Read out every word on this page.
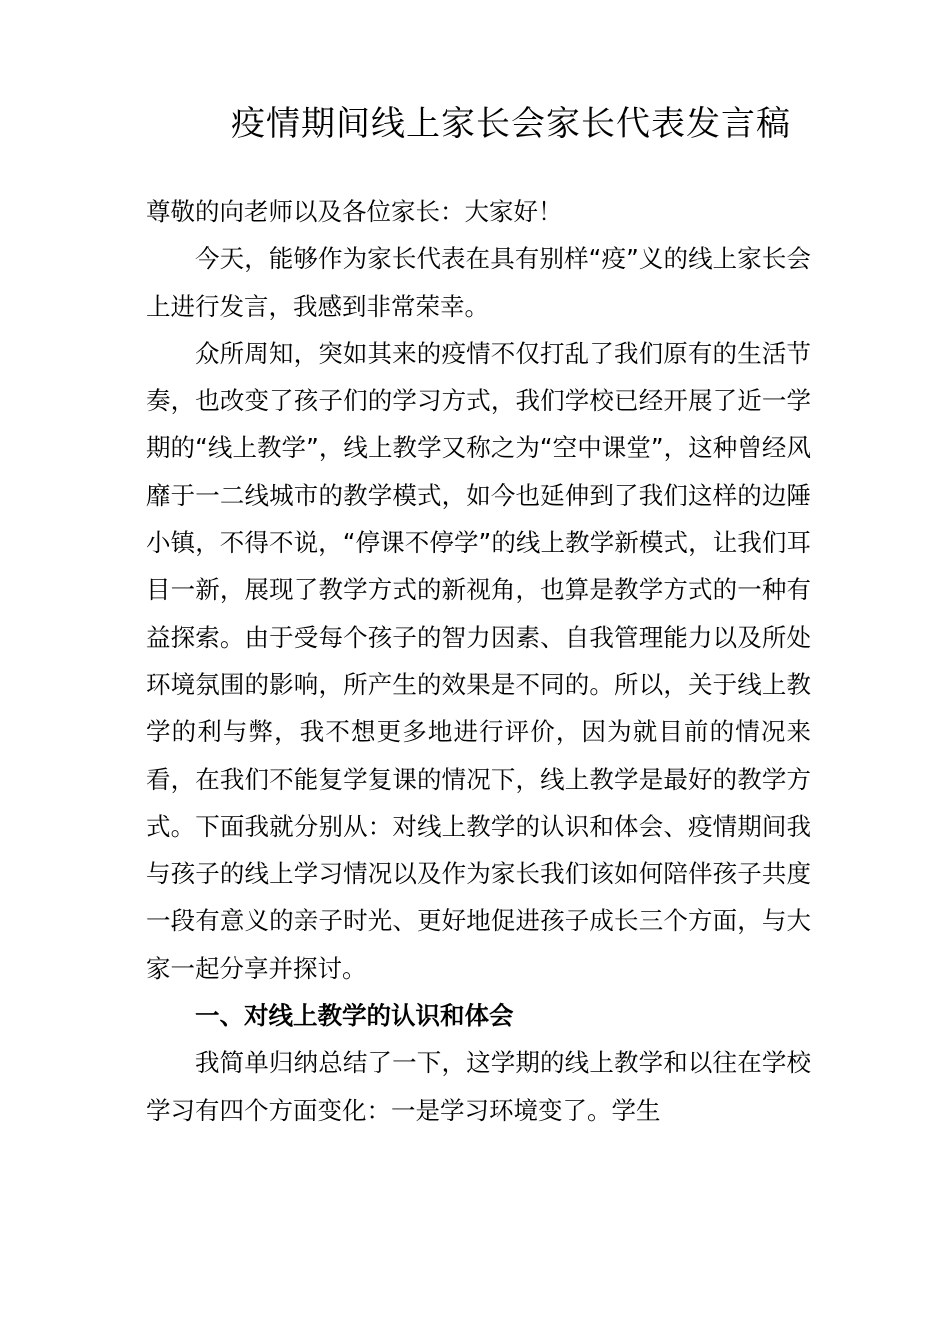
疫情期间线上家长会家长代表发言稿

尊敬的向老师以及各位家长：大家好！

今天，能够作为家长代表在具有别样“疫”义的线上家长会上进行发言，我感到非常荣幸。

众所周知，突如其来的疫情不仅打乱了我们原有的生活节奏，也改变了孩子们的学习方式，我们学校已经开展了近一学期的“线上教学”，线上教学又称之为“空中课堂”，这种曾经风靡于一二线城市的教学模式，如今也延伸到了我们这样的边陲小镇，不得不说，“停课不停学”的线上教学新模式，让我们耳目一新，展现了教学方式的新视角，也算是教学方式的一种有益探索。由于受每个孩子的智力因素、自我管理能力以及所处环境氛围的影响，所产生的效果是不同的。所以，关于线上教学的利与弊，我不想更多地进行评价，因为就目前的情况来看，在我们不能复学复课的情况下，线上教学是最好的教学方式。下面我就分别从：对线上教学的认识和体会、疫情期间我与孩子的线上学习情况以及作为家长我们该如何陪伴孩子共度一段有意义的亲子时光、更好地促进孩子成长三个方面，与大家一起分享并探讨。

一、对线上教学的认识和体会

我简单归纳总结了一下，这学期的线上教学和以往在学校学习有四个方面变化：一是学习环境变了。学生
